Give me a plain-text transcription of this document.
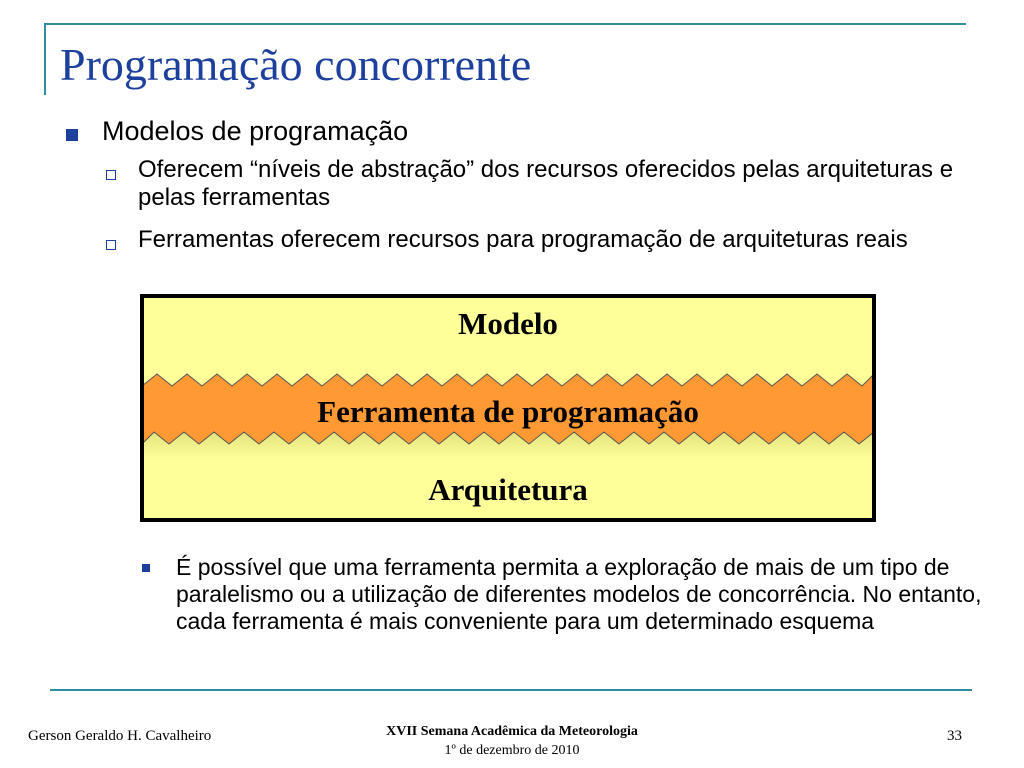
Programação concorrente
Modelos de programação
Oferecem “níveis de abstração” dos recursos oferecidos pelas arquiteturas e pelas ferramentas
Ferramentas oferecem recursos para programação de arquiteturas reais
Modelo
Ferramenta de programação
Arquitetura
É possível que uma ferramenta permita a exploração de mais de um tipo de paralelismo ou a utilização de diferentes modelos de concorrência. No entanto, cada ferramenta é mais conveniente para um determinado esquema
Gerson Geraldo H. Cavalheiro	XVII Semana Acadêmica da Meteorologia
1º de dezembro de 2010
33
